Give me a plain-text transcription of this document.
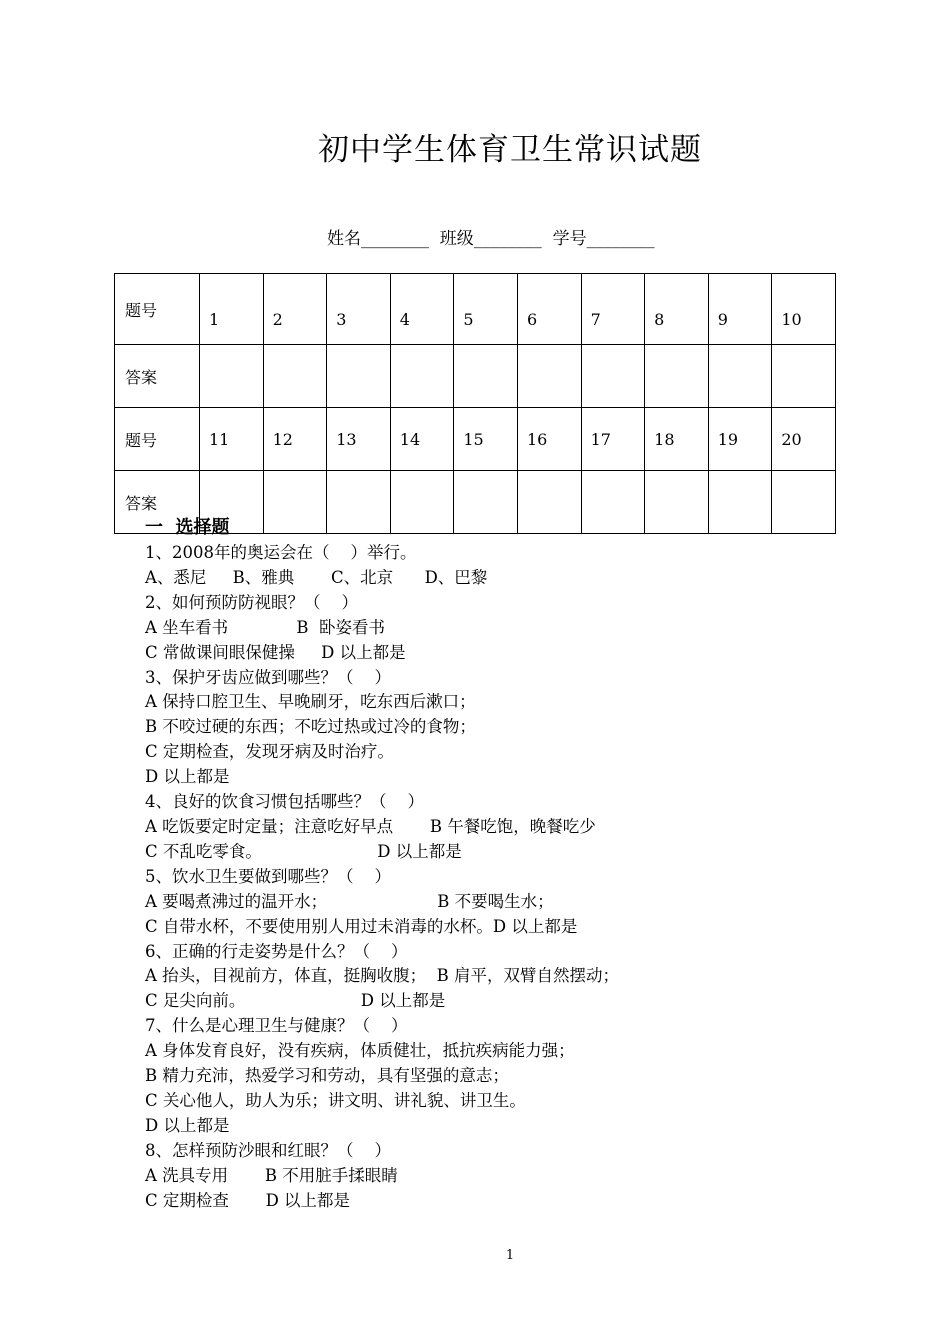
初中学生体育卫生常识试题
姓名________  班级________  学号________
题号	1	2	3	4	5	6	7	8	9	10
答案										
题号	11	12	13	14	15	16	17	18	19	20
答案										
一  选择题
1、2008年的奥运会在（    ）举行。
A、悉尼     B、雅典       C、北京      D、巴黎
2、如何预防防视眼？（    ）
A 坐车看书             B  卧姿看书
C 常做课间眼保健操     D 以上都是
3、保护牙齿应做到哪些？（    ）
A 保持口腔卫生、早晚刷牙，吃东西后漱口；
B 不咬过硬的东西；不吃过热或过冷的食物；
C 定期检查，发现牙病及时治疗。
D 以上都是
4、良好的饮食习惯包括哪些？（    ）
A 吃饭要定时定量；注意吃好早点       B 午餐吃饱，晚餐吃少
C 不乱吃零食。                      D 以上都是
5、饮水卫生要做到哪些？（    ）
A 要喝煮沸过的温开水；                     B 不要喝生水；
C 自带水杯，不要使用别人用过未消毒的水杯。D 以上都是
6、正确的行走姿势是什么？（    ）
A 抬头，目视前方，体直，挺胸收腹；  B 肩平，双臂自然摆动；
C 足尖向前。                      D 以上都是
7、什么是心理卫生与健康？（    ）
A 身体发育良好，没有疾病，体质健壮，抵抗疾病能力强；
B 精力充沛，热爱学习和劳动，具有坚强的意志；
C 关心他人，助人为乐；讲文明、讲礼貌、讲卫生。
D 以上都是
8、怎样预防沙眼和红眼？（    ）
A 洗具专用       B 不用脏手揉眼睛
C 定期检查       D 以上都是
1
